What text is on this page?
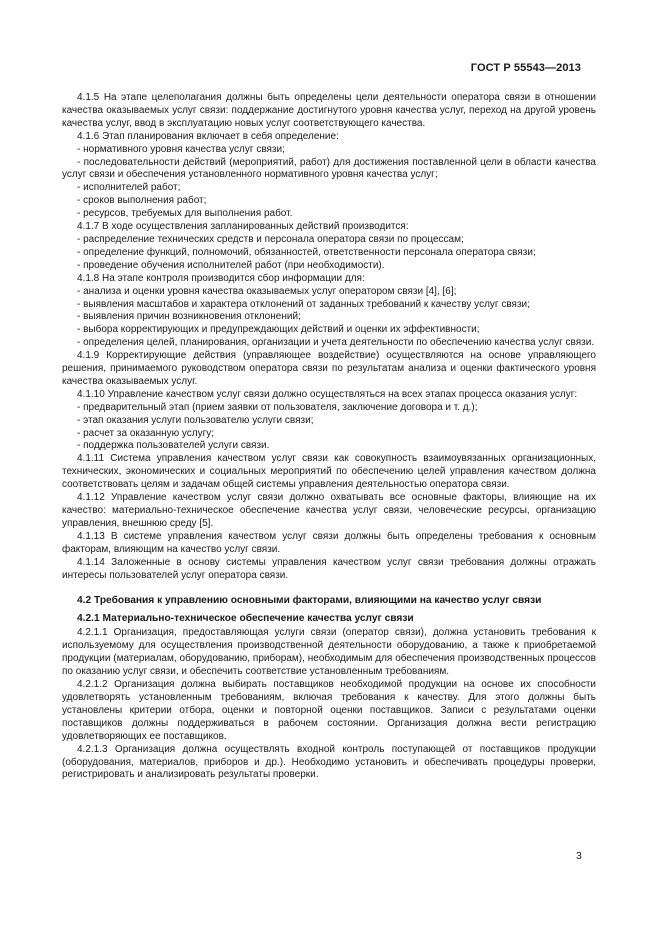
ГОСТ Р 55543—2013

4.1.5 На этапе целеполагания должны быть определены цели деятельности оператора связи в отношении качества оказываемых услуг связи: поддержание достигнутого уровня качества услуг, переход на другой уровень качества услуг, ввод в эксплуатацию новых услуг соответствующего качества.

4.1.6 Этап планирования включает в себя определение:

- нормативного уровня качества услуг связи;

- последовательности действий (мероприятий, работ) для достижения поставленной цели в области качества услуг связи и обеспечения установленного нормативного уровня качества услуг;

- исполнителей работ;

- сроков выполнения работ;

- ресурсов, требуемых для выполнения работ.

4.1.7 В ходе осуществления запланированных действий производится:

- распределение технических средств и персонала оператора связи по процессам;

- определение функций, полномочий, обязанностей, ответственности персонала оператора связи;

- проведение обучения исполнителей работ (при необходимости).

4.1.8 На этапе контроля производится сбор информации для:

- анализа и оценки уровня качества оказываемых услуг оператором связи [4], [6];

- выявления масштабов и характера отклонений от заданных требований к качеству услуг связи;

- выявления причин возникновения отклонений;

- выбора корректирующих и предупреждающих действий и оценки их эффективности;

- определения целей, планирования, организации и учета деятельности по обеспечению качества услуг связи.

4.1.9 Корректирующие действия (управляющее воздействие) осуществляются на основе управляющего решения, принимаемого руководством оператора связи по результатам анализа и оценки фактического уровня качества оказываемых услуг.

4.1.10 Управление качеством услуг связи должно осуществляться на всех этапах процесса оказания услуг:

- предварительный этап (прием заявки от пользователя, заключение договора и т. д.);

- этап оказания услуги пользователю услуги связи;

- расчет за оказанную услугу;

- поддержка пользователей услуги связи.

4.1.11 Система управления качеством услуг связи как совокупность взаимоувязанных организационных, технических, экономических и социальных мероприятий по обеспечению целей управления качеством должна соответствовать целям и задачам общей системы управления деятельностью оператора связи.

4.1.12 Управление качеством услуг связи должно охватывать все основные факторы, влияющие на их качество: материально-техническое обеспечение качества услуг связи, человеческие ресурсы, организацию управления, внешнюю среду [5].

4.1.13 В системе управления качеством услуг связи должны быть определены требования к основным факторам, влияющим на качество услуг связи.

4.1.14 Заложенные в основу системы управления качеством услуг связи требования должны отражать интересы пользователей услуг оператора связи.

4.2 Требования к управлению основными факторами, влияющими на качество услуг связи
4.2.1 Материально-техническое обеспечение качества услуг связи

4.2.1.1 Организация, предоставляющая услуги связи (оператор связи), должна установить требования к используемому для осуществления производственной деятельности оборудованию, а также к приобретаемой продукции (материалам, оборудованию, приборам), необходимым для обеспечения производственных процессов по оказанию услуг связи, и обеспечить соответствие установленным требованиям.

4.2.1.2 Организация должна выбирать поставщиков необходимой продукции на основе их способности удовлетворять установленным требованиям, включая требования к качеству. Для этого должны быть установлены критерии отбора, оценки и повторной оценки поставщиков. Записи с результатами оценки поставщиков должны поддерживаться в рабочем состоянии. Организация должна вести регистрацию удовлетворяющих ее поставщиков.

4.2.1.3 Организация должна осуществлять входной контроль поступающей от поставщиков продукции (оборудования, материалов, приборов и др.). Необходимо установить и обеспечивать процедуры проверки, регистрировать и анализировать результаты проверки.

3
